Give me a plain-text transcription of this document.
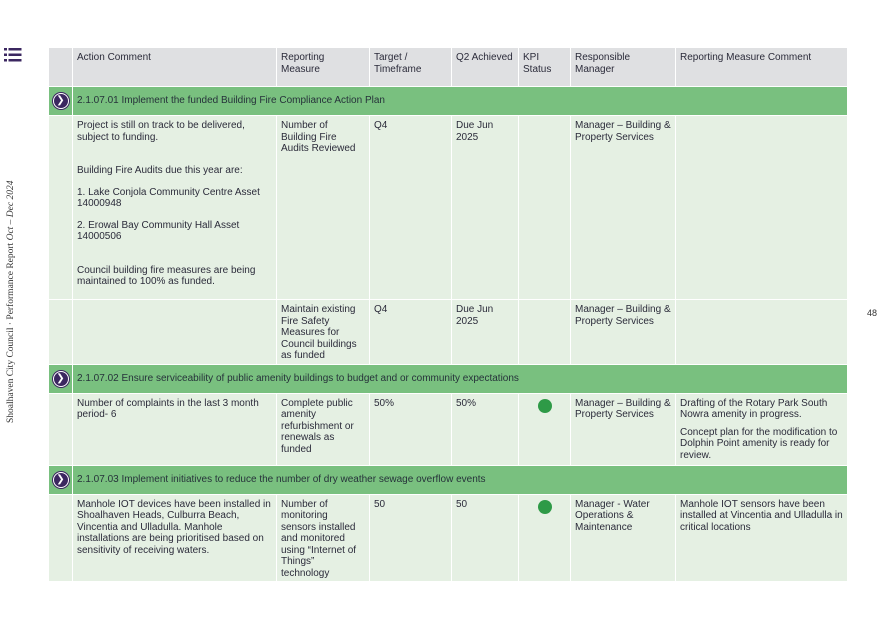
Shoalhaven City Council · Performance Report Oct – Dec 2024
48
	Action Comment	Reporting Measure	Target / Timeframe	Q2 Achieved	KPI Status	Responsible Manager	Reporting Measure Comment
❯	2.1.07.01 Implement the funded Building Fire Compliance Action Plan						

	Project is still on track to be delivered, subject to funding.

Building Fire Audits due this year are:

1. Lake Conjola Community Centre Asset 14000948

2. Erowal Bay Community Hall Asset 14000506

Council building fire measures are being maintained to 100% as funded.	Number of Building Fire Audits Reviewed	Q4	Due Jun 2025		Manager – Building & Property Services	
		Maintain existing Fire Safety Measures for Council buildings as funded	Q4	Due Jun 2025		Manager – Building & Property Services	
❯	2.1.07.02 Ensure serviceability of public amenity buildings to budget and or community expectations						
	Number of complaints in the last 3 month period- 6	Complete public amenity refurbishment or renewals as funded	50%	50%		Manager – Building & Property Services	Drafting of the Rotary Park South Nowra amenity in progress.

Concept plan for the modification to Dolphin Point amenity is ready for review.

❯	2.1.07.03 Implement initiatives to reduce the number of dry weather sewage overflow events						
	Manhole IOT devices have been installed in Shoalhaven Heads, Culburra Beach, Vincentia and Ulladulla. Manhole installations are being prioritised based on sensitivity of receiving waters.	Number of monitoring sensors installed and monitored using “Internet of Things” technology	50	50		Manager - Water Operations & Maintenance	Manhole IOT sensors have been installed at Vincentia and Ulladulla in critical locations
